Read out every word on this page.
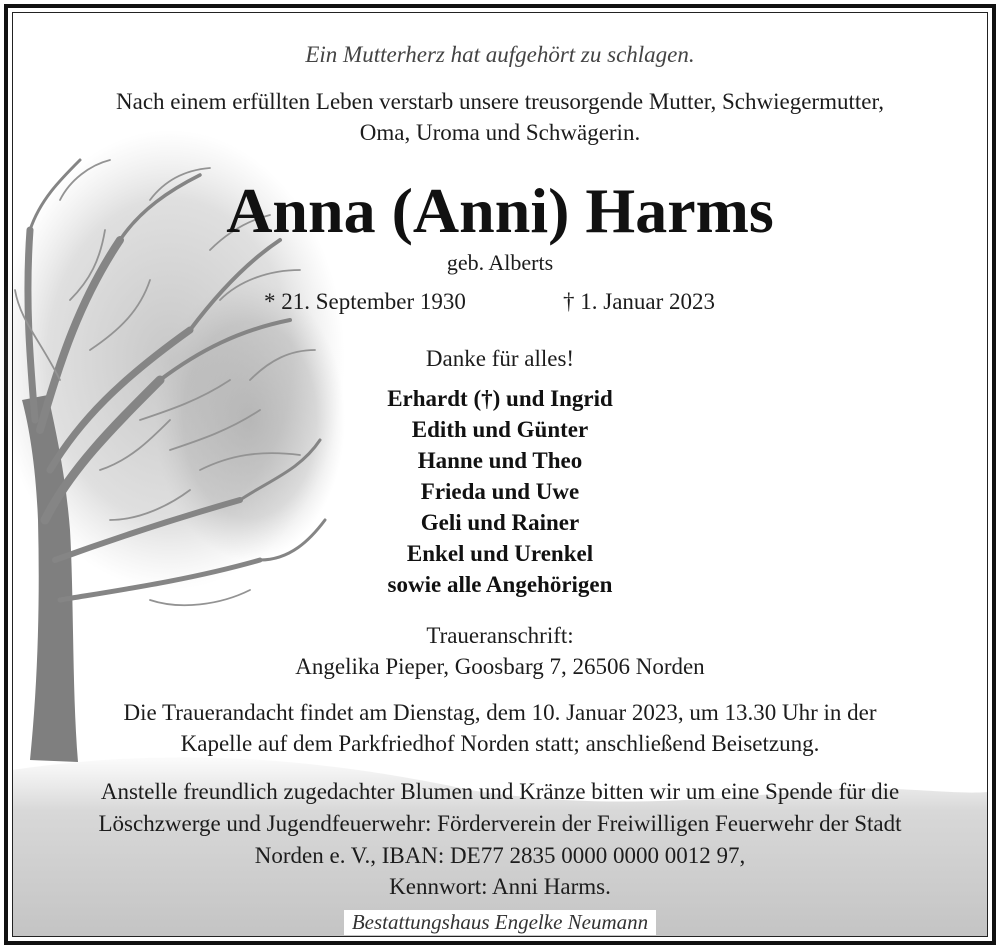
Ein Mutterherz hat aufgehört zu schlagen.
Nach einem erfüllten Leben verstarb unsere treusorgende Mutter, Schwiegermutter,
Oma, Uroma und Schwägerin.
Anna (Anni) Harms
geb. Alberts
* 21. September 1930	† 1. Januar 2023
Danke für alles!
Erhardt (†) und Ingrid
Edith und Günter
Hanne und Theo
Frieda und Uwe
Geli und Rainer
Enkel und Urenkel
sowie alle Angehörigen
Traueranschrift:
Angelika Pieper, Goosbarg 7, 26506 Norden
Die Trauerandacht findet am Dienstag, dem 10. Januar 2023, um 13.30 Uhr in der
Kapelle auf dem Parkfriedhof Norden statt; anschließend Beisetzung.
Anstelle freundlich zugedachter Blumen und Kränze bitten wir um eine Spende für die
Löschzwerge und Jugendfeuerwehr: Förderverein der Freiwilligen Feuerwehr der Stadt
Norden e. V., IBAN: DE77 2835 0000 0000 0012 97,
Kennwort: Anni Harms.
Bestattungshaus Engelke Neumann
